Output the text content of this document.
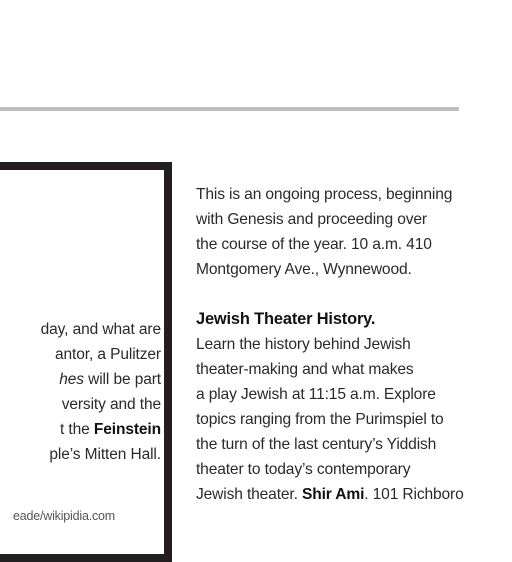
day, and what are
antor, a Pulitzer
hes will be part
versity and the
t the Feinstein
ple’s Mitten Hall.
eade/wikipidia.com
This is an ongoing process, beginning
with Genesis and proceeding over
the course of the year. 10 a.m. 410
Montgomery Ave., Wynnewood.
Jewish Theater History.
Learn the history behind Jewish
theater-making and what makes
a play Jewish at 11:15 a.m. Explore
topics ranging from the Purimspiel to
the turn of the last century’s Yiddish
theater to today’s contemporary
Jewish theater. Shir Ami. 101 Richboro
